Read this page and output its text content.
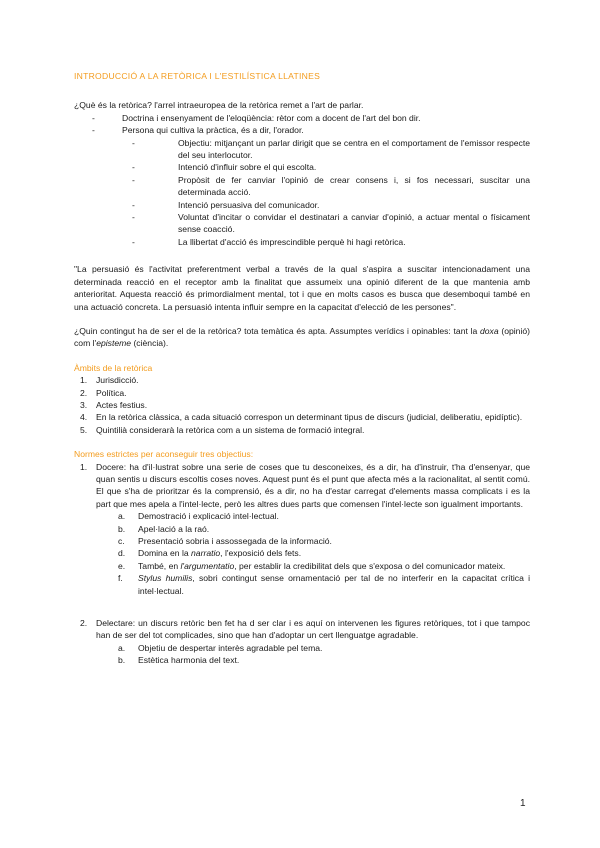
INTRODUCCIÓ A LA RETÒRICA I L'ESTILÍSTICA LLATINES

¿Què és la retòrica? l'arrel intraeuropea de la retòrica remet a l'art de parlar.

- Doctrina i ensenyament de l'eloqüència: rètor com a docent de l'art del bon dir.
- Persona qui cultiva la pràctica, és a dir, l'orador.
- Objectiu: mitjançant un parlar dirigit que se centra en el comportament de l'emissor respecte del seu interlocutor.
- Intenció d'influir sobre el qui escolta.
- Propòsit de fer canviar l'opinió de crear consens i, si fos necessari, suscitar una determinada acció.
- Intenció persuasiva del comunicador.
- Voluntat d'incitar o convidar el destinatari a canviar d'opinió, a actuar mental o físicament sense coacció.
- La llibertat d'acció és imprescindible perquè hi hagi retòrica.

"La persuasió és l'activitat preferentment verbal a través de la qual s'aspira a suscitar intencionadament una determinada reacció en el receptor amb la finalitat que assumeix una opinió diferent de la que mantenia amb anterioritat. Aquesta reacció és primordialment mental, tot i que en molts casos es busca que desemboqui també en una actuació concreta. La persuasió intenta influir sempre en la capacitat d'elecció de les persones".

¿Quin contingut ha de ser el de la retòrica? tota temàtica és apta. Assumptes verídics i opinables: tant la doxa (opinió) com l'episteme (ciència).

Àmbits de la retòrica
1. Jurisdicció.
2. Política.
3. Actes festius.
4. En la retòrica clàssica, a cada situació correspon un determinant tipus de discurs (judicial, deliberatiu, epidíptic).
5. Quintilià considerarà la retòrica com a un sistema de formació integral.
Normes estrictes per aconseguir tres objectius:
1. Docere: ha d'il·lustrat sobre una serie de coses que tu desconeixes, és a dir, ha d'instruir, t'ha d'ensenyar, que quan sentis u discurs escoltis coses noves. Aquest punt és el punt que afecta més a la racionalitat, al sentit comú. El que s'ha de prioritzar és la comprensió, és a dir, no ha d'estar carregat d'elements massa complicats i es la part que mes apela a l'intel·lecte, però les altres dues parts que comensen l'intel·lecte son igualment importants.
a. Demostració i explicació intel·lectual.
b. Apel·lació a la raó.
c. Presentació sobria i assossegada de la informació.
d. Domina en la narratio, l'exposició dels fets.
e. També, en l'argumentatio, per establir la credibilitat dels que s'exposa o del comunicador mateix.
f. Stylus humilis, sobri contingut sense ornamentació per tal de no interferir en la capacitat crítica i intel·lectual.
2. Delectare: un discurs retòric ben fet ha d ser clar i es aquí on intervenen les figures retòriques, tot i que tampoc han de ser del tot complicades, sino que han d'adoptar un cert llenguatge agradable.
a. Objetiu de despertar interès agradable pel tema.
b. Estètica harmonia del text.
1
